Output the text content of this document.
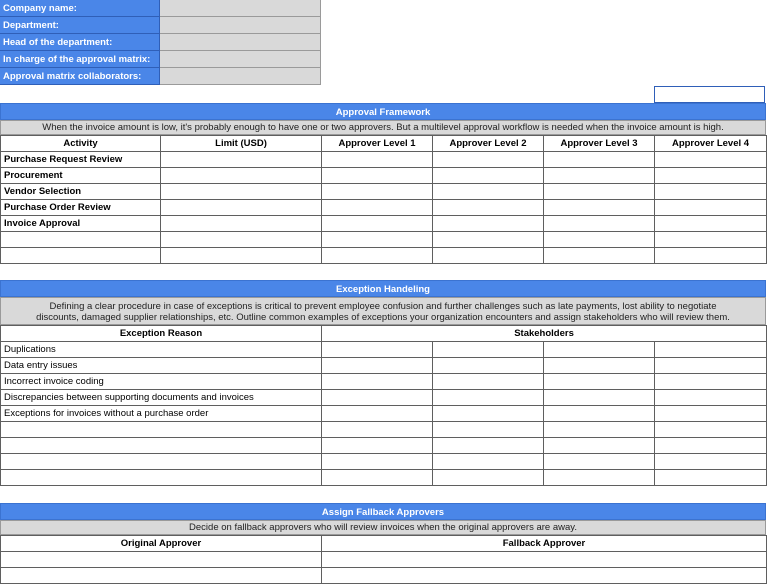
Company name:
Department:
Head of the department:
In charge of the approval matrix:
Approval matrix collaborators:
Approval Framework
When the invoice amount is low, it's probably enough to have one or two approvers. But a multilevel approval workflow is needed when the invoice amount is high.
Activity	Limit (USD)	Approver Level 1	Approver Level 2	Approver Level 3	Approver Level 4
Purchase Request Review					
Procurement					
Vendor Selection					
Purchase Order Review					
Invoice Approval					

Exception Handeling
Defining a clear procedure in case of exceptions is critical to prevent employee confusion and further challenges such as late payments, lost ability to negotiate
discounts, damaged supplier relationships, etc. Outline common examples of exceptions your organization encounters and assign stakeholders who will review them.
Exception Reason	Stakeholders			
Duplications				
Data entry issues				
Incorrect invoice coding				
Discrepancies between supporting documents and invoices				
Exceptions for invoices without a purchase order				

Assign Fallback Approvers
Decide on fallback approvers who will review invoices when the original approvers are away.
Original Approver	Fallback Approver
